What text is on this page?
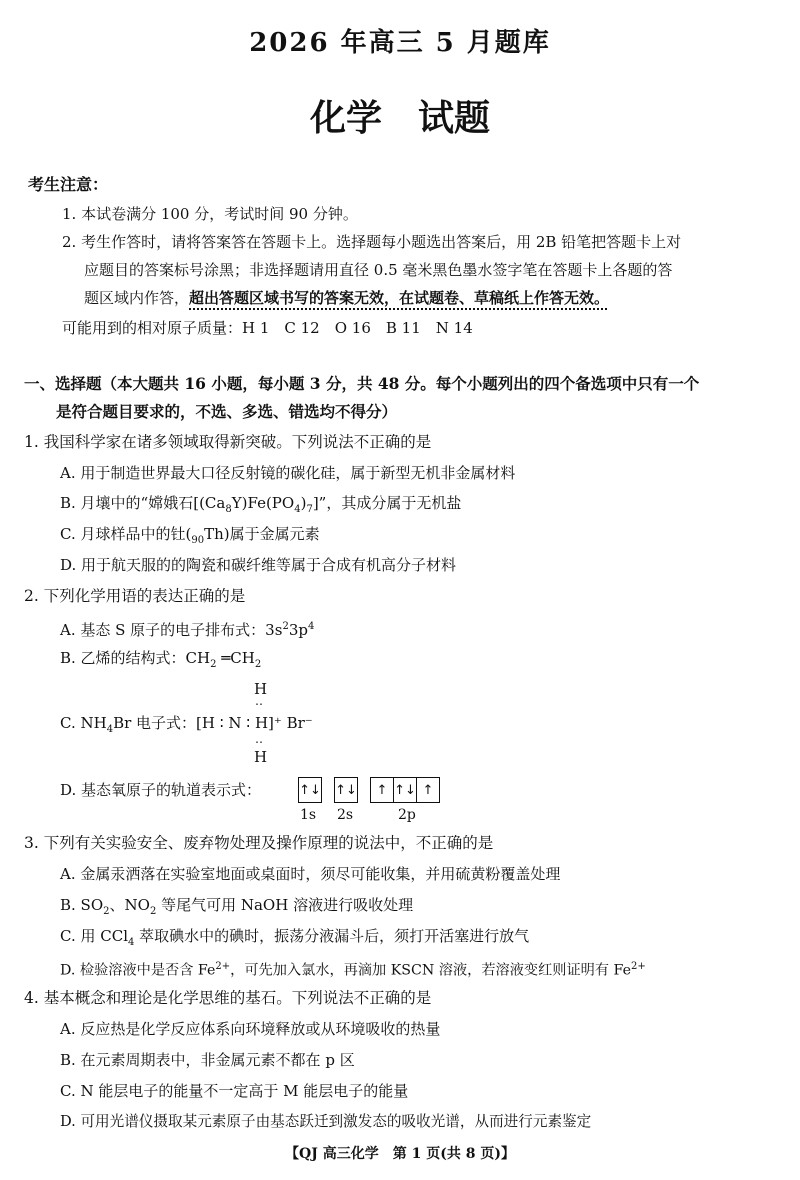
2026 年高三 5 月题库
化学　试题
考生注意：
1. 本试卷满分 100 分，考试时间 90 分钟。
2. 考生作答时，请将答案答在答题卡上。选择题每小题选出答案后，用 2B 铅笔把答题卡上对
应题目的答案标号涂黑；非选择题请用直径 0.5 毫米黑色墨水签字笔在答题卡上各题的答
题区域内作答，超出答题区域书写的答案无效，在试题卷、草稿纸上作答无效。
可能用到的相对原子质量：H 1　C 12　O 16　B 11　N 14
一、选择题（本大题共 16 小题，每小题 3 分，共 48 分。每个小题列出的四个备选项中只有一个
是符合题目要求的，不选、多选、错选均不得分）
1. 我国科学家在诸多领域取得新突破。下列说法不正确的是
A. 用于制造世界最大口径反射镜的碳化硅，属于新型无机非金属材料
B. 月壤中的“嫦娥石$[(Ca_8Y)Fe(PO_4)_7]$”，其成分属于无机盐
C. 月球样品中的钍$(_{90}Th)$属于金属元素
D. 用于航天服的的陶瓷和碳纤维等属于合成有机高分子材料
2. 下列化学用语的表达正确的是
A. 基态 S 原子的电子排布式：$3s^23p^4$
B. 乙烯的结构式：$CH_2$ $═CH_2$
H
‥
C. $NH_4Br$ 电子式：[H ∶ N ∶ H]⁺ Br⁻
‥
H
D. 基态氧原子的轨道表示式：	↑↓ ↑↓	↑ ↑↓ ↑
1s 2s	2p
3. 下列有关实验安全、废弃物处理及操作原理的说法中，不正确的是
A. 金属汞洒落在实验室地面或桌面时，须尽可能收集，并用硫黄粉覆盖处理
B. $SO_2$、$NO_2$ 等尾气可用 NaOH 溶液进行吸收处理
C. 用 CCl$_4$ 萃取碘水中的碘时，振荡分液漏斗后，须打开活塞进行放气
D. 检验溶液中是否含 $Fe^{2+}$，可先加入氯水，再滴加 KSCN 溶液，若溶液变红则证明有 $Fe^{2+}$
4. 基本概念和理论是化学思维的基石。下列说法不正确的是
A. 反应热是化学反应体系向环境释放或从环境吸收的热量
B. 在元素周期表中，非金属元素不都在 p 区
C. N 能层电子的能量不一定高于 M 能层电子的能量
D. 可用光谱仪摄取某元素原子由基态跃迁到激发态的吸收光谱，从而进行元素鉴定
【QJ 高三化学　第 1 页(共 8 页)】
